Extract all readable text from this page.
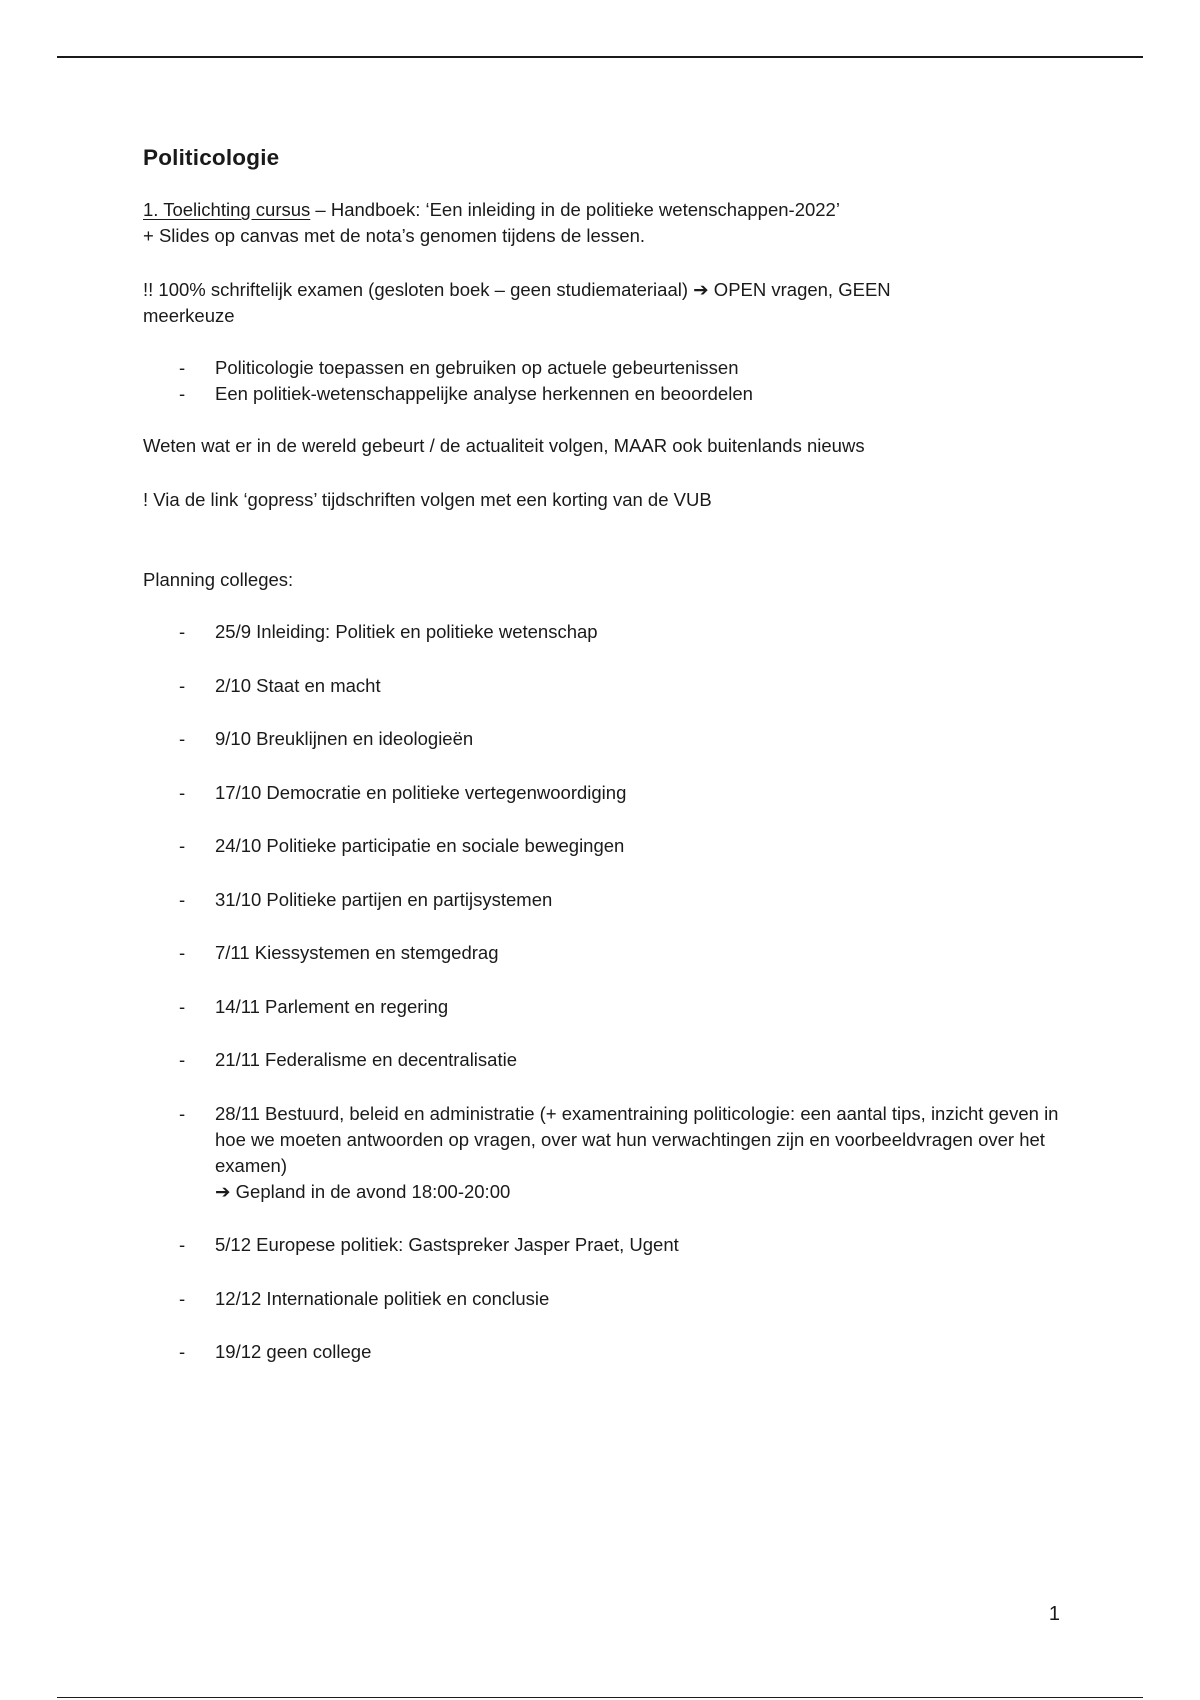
Politicologie

1. Toelichting cursus – Handboek: ‘Een inleiding in de politieke wetenschappen-2022’

+ Slides op canvas met de nota’s genomen tijdens de lessen.

!! 100% schriftelijk examen (gesloten boek – geen studiemateriaal) ➔ OPEN vragen, GEEN meerkeuze

- Politicologie toepassen en gebruiken op actuele gebeurtenissen
- Een politiek-wetenschappelijke analyse herkennen en beoordelen

Weten wat er in de wereld gebeurt / de actualiteit volgen, MAAR ook buitenlands nieuws

! Via de link ‘gopress’ tijdschriften volgen met een korting van de VUB

Planning colleges:

- 25/9 Inleiding: Politiek en politieke wetenschap
- 2/10 Staat en macht
- 9/10 Breuklijnen en ideologieën
- 17/10 Democratie en politieke vertegenwoordiging
- 24/10 Politieke participatie en sociale bewegingen
- 31/10 Politieke partijen en partijsystemen
- 7/11 Kiessystemen en stemgedrag
- 14/11 Parlement en regering
- 21/11 Federalisme en decentralisatie
- 28/11 Bestuurd, beleid en administratie (+ examentraining politicologie: een aantal tips, inzicht geven in hoe we moeten antwoorden op vragen, over wat hun verwachtingen zijn en voorbeeldvragen over het examen)
➔ Gepland in de avond 18:00-20:00
- 5/12 Europese politiek: Gastspreker Jasper Praet, Ugent
- 12/12 Internationale politiek en conclusie
- 19/12 geen college
1
